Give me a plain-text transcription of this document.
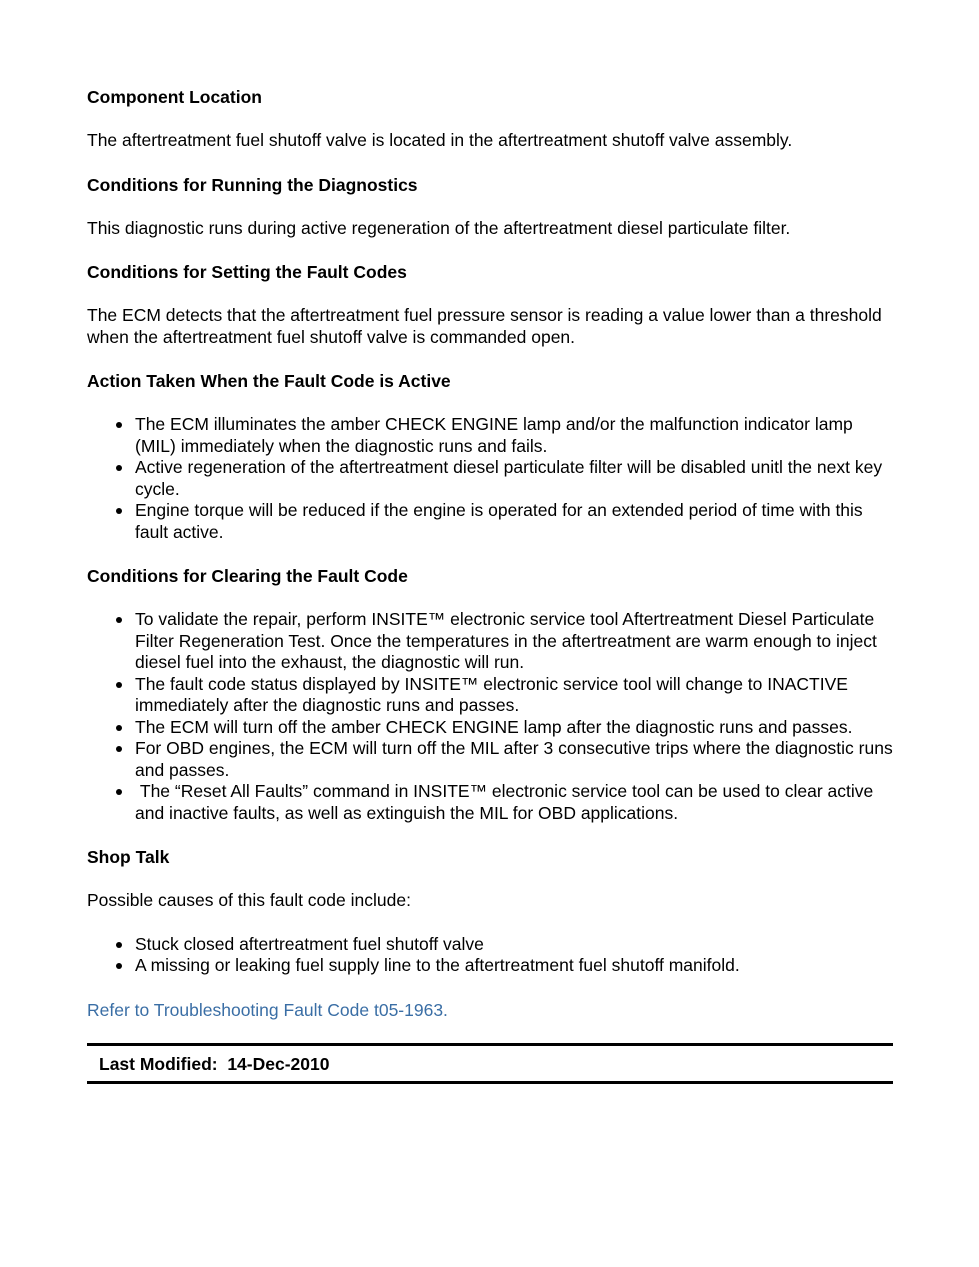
Component Location
The aftertreatment fuel shutoff valve is located in the aftertreatment shutoff valve assembly.
Conditions for Running the Diagnostics
This diagnostic runs during active regeneration of the aftertreatment diesel particulate filter.
Conditions for Setting the Fault Codes
The ECM detects that the aftertreatment fuel pressure sensor is reading a value lower than a threshold when the aftertreatment fuel shutoff valve is commanded open.
Action Taken When the Fault Code is Active
The ECM illuminates the amber CHECK ENGINE lamp and/or the malfunction indicator lamp (MIL) immediately when the diagnostic runs and fails.
Active regeneration of the aftertreatment diesel particulate filter will be disabled unitl the next key cycle.
Engine torque will be reduced if the engine is operated for an extended period of time with this fault active.
Conditions for Clearing the Fault Code
To validate the repair, perform INSITE™ electronic service tool Aftertreatment Diesel Particulate Filter Regeneration Test. Once the temperatures in the aftertreatment are warm enough to inject diesel fuel into the exhaust, the diagnostic will run.
The fault code status displayed by INSITE™ electronic service tool will change to INACTIVE immediately after the diagnostic runs and passes.
The ECM will turn off the amber CHECK ENGINE lamp after the diagnostic runs and passes.
For OBD engines, the ECM will turn off the MIL after 3 consecutive trips where the diagnostic runs and passes.
The “Reset All Faults” command in INSITE™ electronic service tool can be used to clear active and inactive faults, as well as extinguish the MIL for OBD applications.
Shop Talk
Possible causes of this fault code include:
Stuck closed aftertreatment fuel shutoff valve
A missing or leaking fuel supply line to the aftertreatment fuel shutoff manifold.
Refer to Troubleshooting Fault Code t05-1963.
Last Modified:  14-Dec-2010
